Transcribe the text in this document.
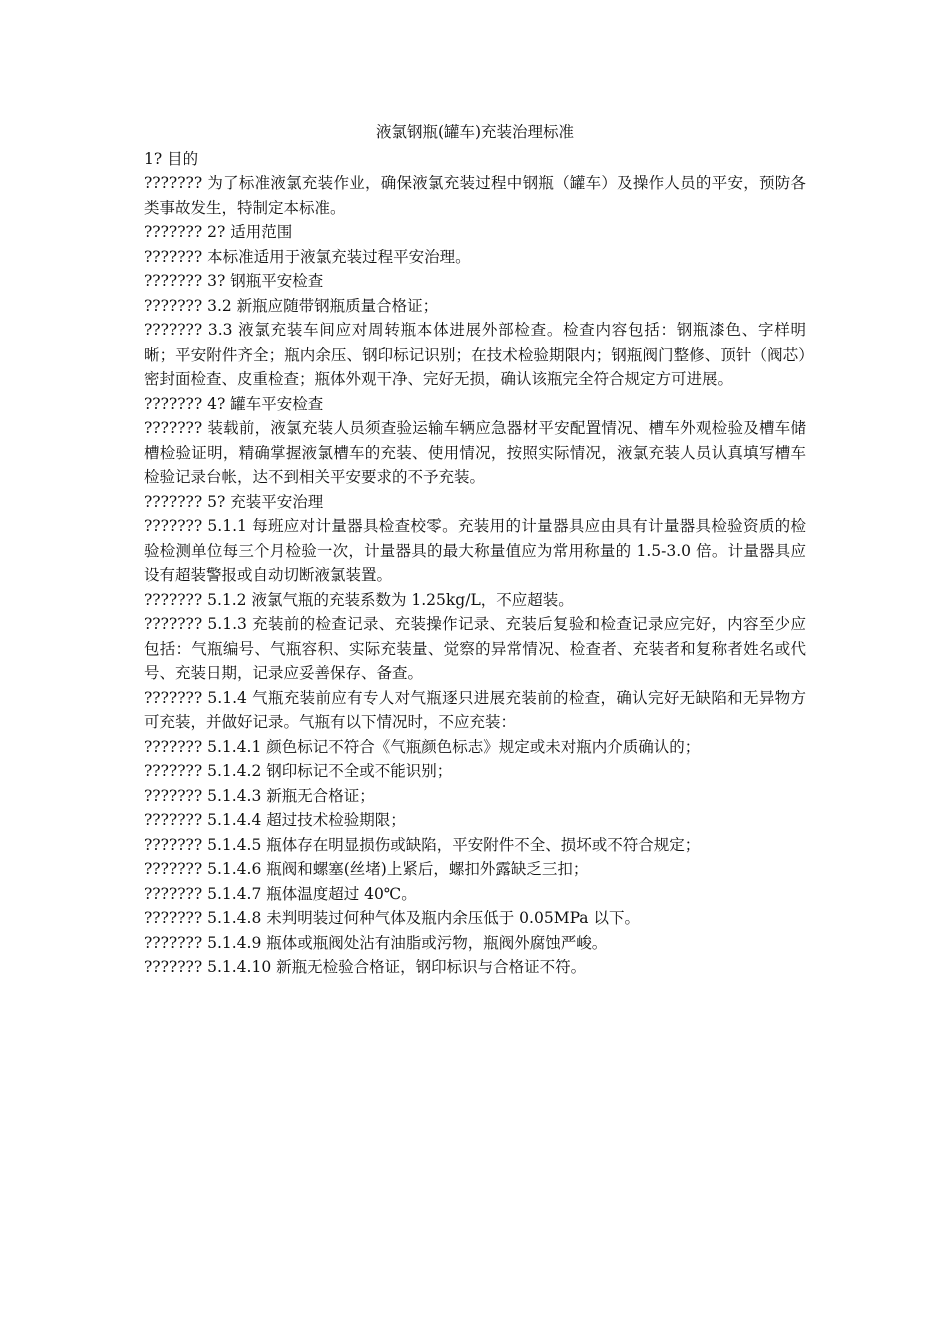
液氯钢瓶(罐车)充装治理标准

1? 目的

??????? 为了标准液氯充装作业，确保液氯充装过程中钢瓶（罐车）及操作人员的平安，预防各类事故发生，特制定本标准。

??????? 2? 适用范围

??????? 本标准适用于液氯充装过程平安治理。

??????? 3? 钢瓶平安检查

??????? 3.2 新瓶应随带钢瓶质量合格证；

??????? 3.3 液氯充装车间应对周转瓶本体进展外部检查。检查内容包括：钢瓶漆色、字样明晰；平安附件齐全；瓶内余压、钢印标记识别；在技术检验期限内；钢瓶阀门整修、顶针（阀芯）密封面检查、皮重检查；瓶体外观干净、完好无损，确认该瓶完全符合规定方可进展。

??????? 4? 罐车平安检查

??????? 装载前，液氯充装人员须查验运输车辆应急器材平安配置情况、槽车外观检验及槽车储槽检验证明，精确掌握液氯槽车的充装、使用情况，按照实际情况，液氯充装人员认真填写槽车检验记录台帐，达不到相关平安要求的不予充装。

??????? 5? 充装平安治理

??????? 5.1.1 每班应对计量器具检查校零。充装用的计量器具应由具有计量器具检验资质的检验检测单位每三个月检验一次，计量器具的最大称量值应为常用称量的 1.5-3.0 倍。计量器具应设有超装警报或自动切断液氯装置。

??????? 5.1.2 液氯气瓶的充装系数为 1.25kg/L，不应超装。

??????? 5.1.3 充装前的检查记录、充装操作记录、充装后复验和检查记录应完好，内容至少应包括：气瓶编号、气瓶容积、实际充装量、觉察的异常情况、检查者、充装者和复称者姓名或代号、充装日期，记录应妥善保存、备查。

??????? 5.1.4 气瓶充装前应有专人对气瓶逐只进展充装前的检查，确认完好无缺陷和无异物方可充装，并做好记录。气瓶有以下情况时，不应充装：

??????? 5.1.4.1 颜色标记不符合《气瓶颜色标志》规定或未对瓶内介质确认的；

??????? 5.1.4.2 钢印标记不全或不能识别；

??????? 5.1.4.3 新瓶无合格证；

??????? 5.1.4.4 超过技术检验期限；

??????? 5.1.4.5 瓶体存在明显损伤或缺陷，平安附件不全、损坏或不符合规定；

??????? 5.1.4.6 瓶阀和螺塞(丝堵)上紧后，螺扣外露缺乏三扣；

??????? 5.1.4.7 瓶体温度超过 40℃。

??????? 5.1.4.8 未判明装过何种气体及瓶内余压低于 0.05MPa 以下。

??????? 5.1.4.9 瓶体或瓶阀处沾有油脂或污物，瓶阀外腐蚀严峻。

??????? 5.1.4.10 新瓶无检验合格证，钢印标识与合格证不符。
